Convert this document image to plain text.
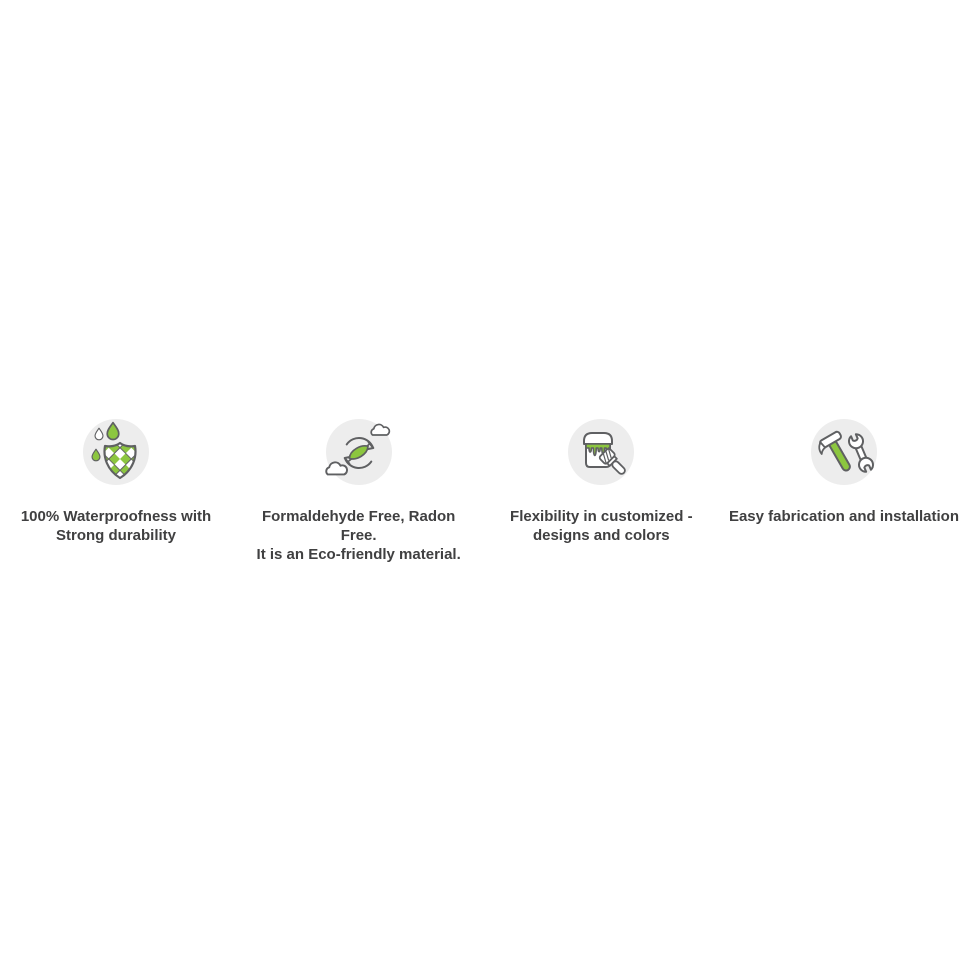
100% Waterproofness with
Strong durability
Formaldehyde Free, Radon Free.
It is an Eco-friendly material.
Flexibility in customized -
designs and colors
Easy fabrication and installation
